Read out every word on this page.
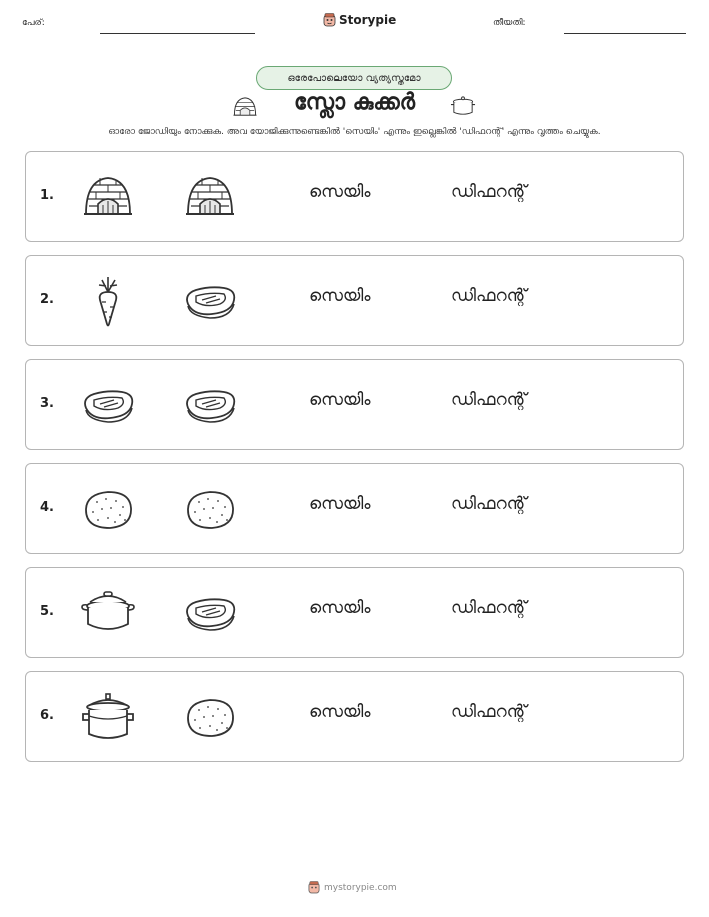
പേര്:	Storypie	തീയതി:
ഒരേപോലെയോ വ്യത്യസ്തമോ
സ്ലോ കുക്കർ
ഓരോ ജോഡിയും നോക്കുക. അവ യോജിക്കുന്നുണ്ടെങ്കിൽ 'സെയിം' എന്നും ഇല്ലെങ്കിൽ 'ഡിഫറന്റ്' എന്നും വൃത്തം ചെയ്യുക.
1.	സെയിം	ഡിഫറന്റ്
2.	സെയിം	ഡിഫറന്റ്
3.	സെയിം	ഡിഫറന്റ്
4.	സെയിം	ഡിഫറന്റ്
5.	സെയിം	ഡിഫറന്റ്
6.	സെയിം	ഡിഫറന്റ്
mystorypie.com
